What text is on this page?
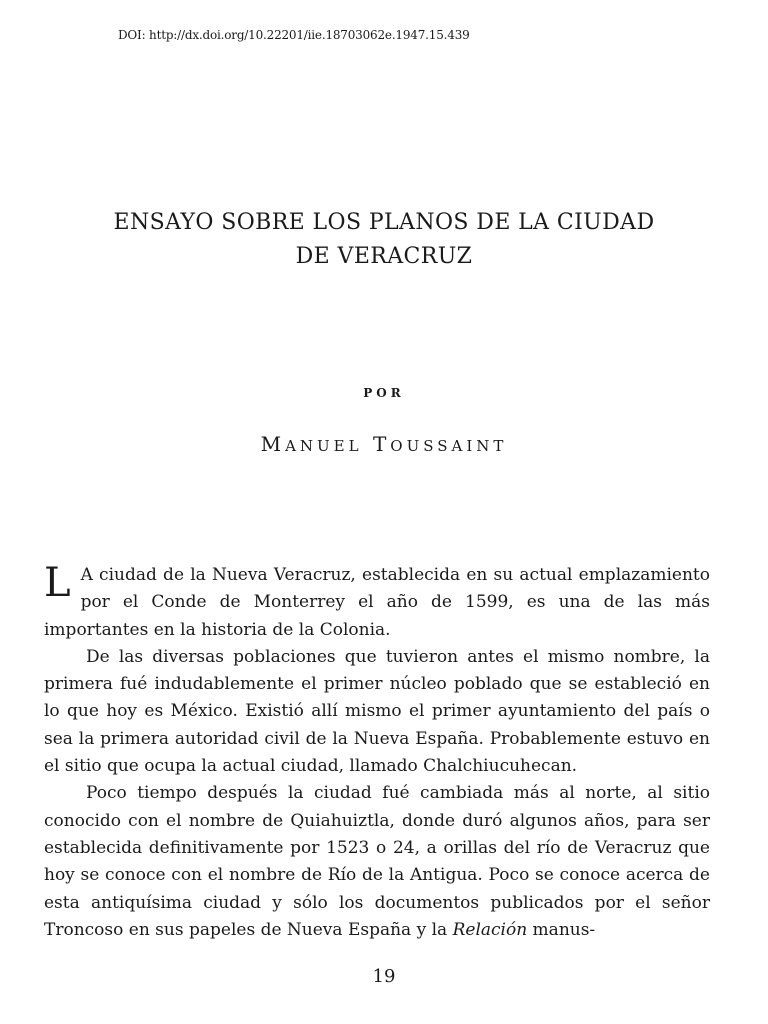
DOI: http://dx.doi.org/10.22201/iie.18703062e.1947.15.439
ENSAYO SOBRE LOS PLANOS DE LA CIUDAD
DE VERACRUZ
POR
MANUEL TOUSSAINT

L A ciudad de la Nueva Veracruz, establecida en su actual emplazamiento por el Conde de Monterrey el año de 1599, es una de las más importantes en la historia de la Colonia.

De las diversas poblaciones que tuvieron antes el mismo nombre, la primera fué indudablemente el primer núcleo poblado que se estableció en lo que hoy es México. Existió allí mismo el primer ayuntamiento del país o sea la primera autoridad civil de la Nueva España. Probablemente estuvo en el sitio que ocupa la actual ciudad, llamado Chalchiucuhecan.

Poco tiempo después la ciudad fué cambiada más al norte, al sitio conocido con el nombre de Quiahuiztla, donde duró algunos años, para ser establecida definitivamente por 1523 o 24, a orillas del río de Veracruz que hoy se conoce con el nombre de Río de la Antigua. Poco se conoce acerca de esta antiquísima ciudad y sólo los documentos publicados por el señor Troncoso en sus papeles de Nueva España y la Relación manus-

19
